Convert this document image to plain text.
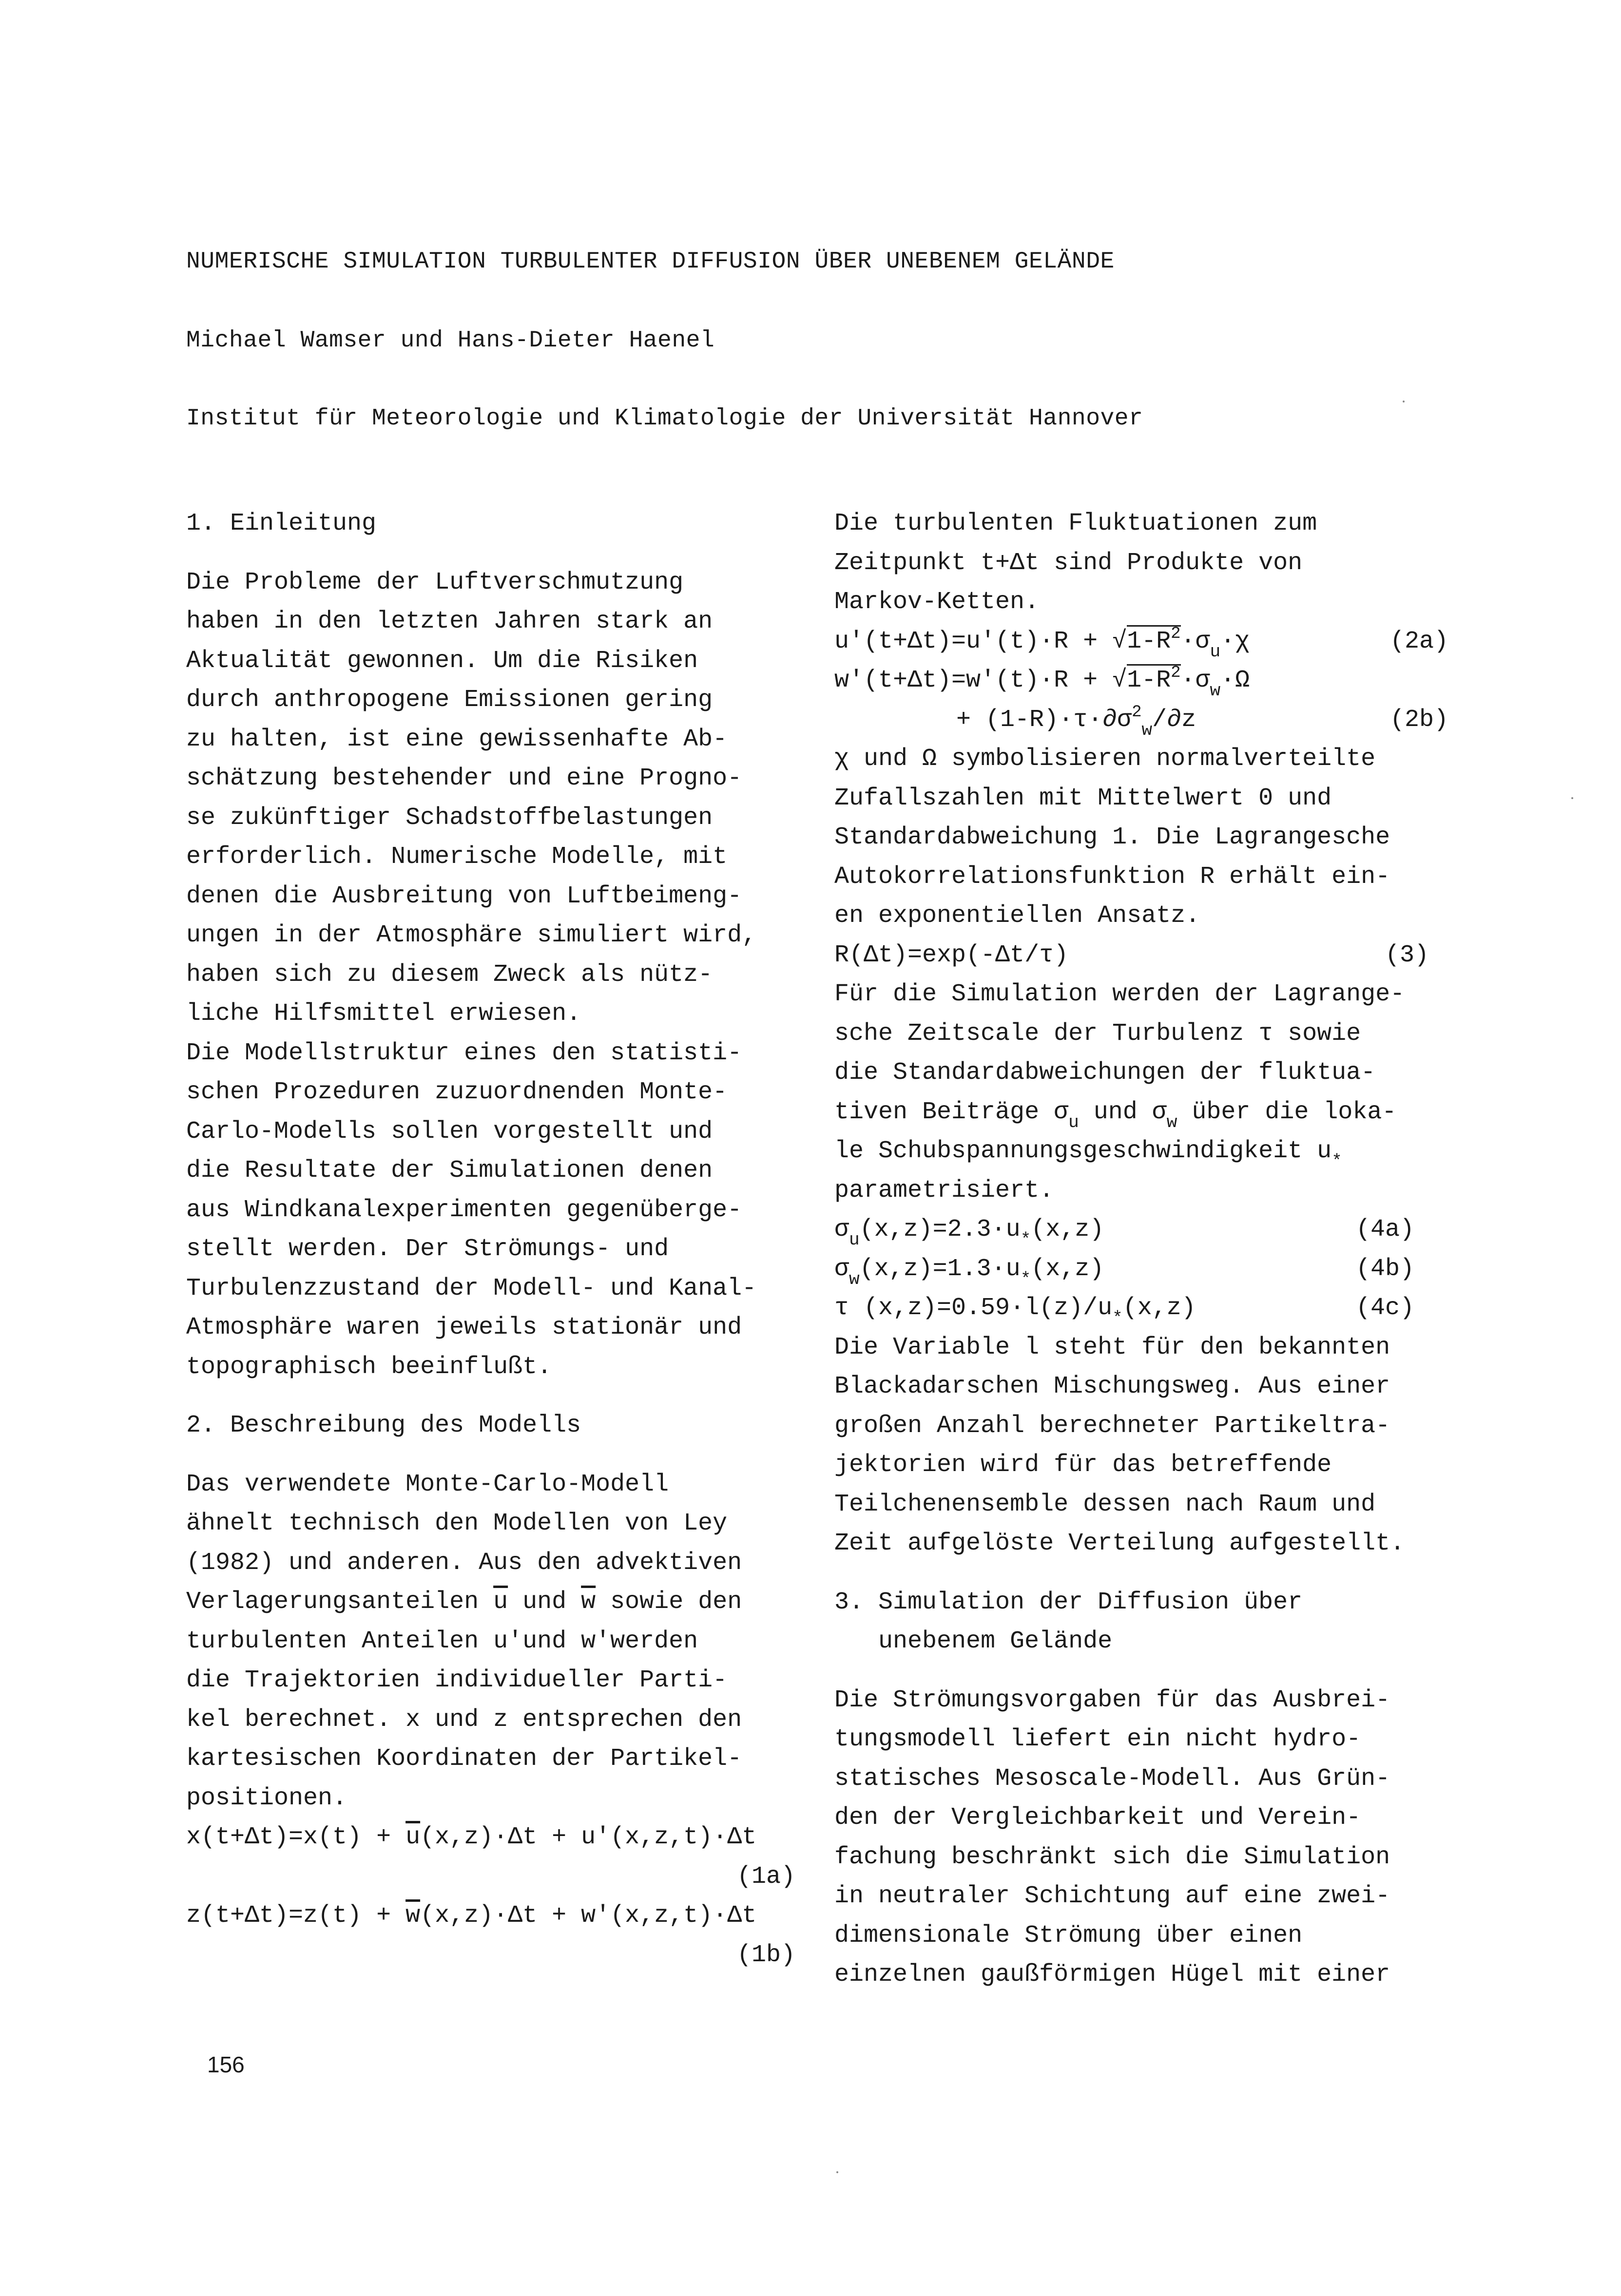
NUMERISCHE SIMULATION TURBULENTER DIFFUSION ÜBER UNEBENEM GELÄNDE
Michael Wamser und Hans-Dieter Haenel
Institut für Meteorologie und Klimatologie der Universität Hannover
1. Einleitung
Die Probleme der Luftverschmutzung
haben in den letzten Jahren stark an
Aktualität gewonnen. Um die Risiken
durch anthropogene Emissionen gering
zu halten, ist eine gewissenhafte Ab-
schätzung bestehender und eine Progno-
se zukünftiger Schadstoffbelastungen
erforderlich. Numerische Modelle, mit
denen die Ausbreitung von Luftbeimeng-
ungen in der Atmosphäre simuliert wird,
haben sich zu diesem Zweck als nütz-
liche Hilfsmittel erwiesen.
Die Modellstruktur eines den statisti-
schen Prozeduren zuzuordnenden Monte-
Carlo-Modells sollen vorgestellt und
die Resultate der Simulationen denen
aus Windkanalexperimenten gegenüberge-
stellt werden. Der Strömungs- und
Turbulenzzustand der Modell- und Kanal-
Atmosphäre waren jeweils stationär und
topographisch beeinflußt.
2. Beschreibung des Modells
Das verwendete Monte-Carlo-Modell
ähnelt technisch den Modellen von Ley
(1982) und anderen. Aus den advektiven
Verlagerungsanteilen $\overline{u}$ und $\overline{w}$ sowie den
turbulenten Anteilen u′und w′werden
die Trajektorien individueller Parti-
kel berechnet. x und z entsprechen den
kartesischen Koordinaten der Partikel-
positionen.
$x(t+\Delta t)=x(t) + \overline{u}(x,z)\cdot\Delta t + u'(x,z,t)\cdot\Delta t$
(1a)
$z(t+\Delta t)=z(t) + \overline{w}(x,z)\cdot\Delta t + w'(x,z,t)\cdot\Delta t$
(1b)
Die turbulenten Fluktuationen zum
Zeitpunkt t+Δt sind Produkte von
Markov-Ketten.
$u'(t+\Delta t)=u'(t)\cdot R + √1-R^2\cdot\sigma_u\cdot\chi$	(2a)
$w'(t+\Delta t)=w'(t)\cdot R + √1-R^2\cdot\sigma_w\cdot\Omega$
+ $(1-R)\cdot\tau\cdot\partial\sigma^2_w/\partial z$	(2b)
χ und Ω symbolisieren normalverteilte
Zufallszahlen mit Mittelwert 0 und
Standardabweichung 1. Die Lagrangesche
Autokorrelationsfunktion R erhält ein-
en exponentiellen Ansatz.
R(Δt)=exp(-Δt/τ)	(3)
Für die Simulation werden der Lagrange-
sche Zeitscale der Turbulenz τ sowie
die Standardabweichungen der fluktua-
tiven Beiträge $\sigma_u$ und $\sigma_w$ über die loka-
le Schubspannungsgeschwindigkeit $u_*$
parametrisiert.
$\sigma_u(x,z)=2.3\cdot u_*(x,z)$	(4a)
$\sigma_w(x,z)=1.3\cdot u_*(x,z)$	(4b)
τ $(x,z)=0.59\cdot l(z)/u_*(x,z)$	(4c)
Die Variable l steht für den bekannten
Blackadarschen Mischungsweg. Aus einer
großen Anzahl berechneter Partikeltra-
jektorien wird für das betreffende
Teilchenensemble dessen nach Raum und
Zeit aufgelöste Verteilung aufgestellt.
3. Simulation der Diffusion über
unebenem Gelände
Die Strömungsvorgaben für das Ausbrei-
tungsmodell liefert ein nicht hydro-
statisches Mesoscale-Modell. Aus Grün-
den der Vergleichbarkeit und Verein-
fachung beschränkt sich die Simulation
in neutraler Schichtung auf eine zwei-
dimensionale Strömung über einen
einzelnen gaußförmigen Hügel mit einer
156
